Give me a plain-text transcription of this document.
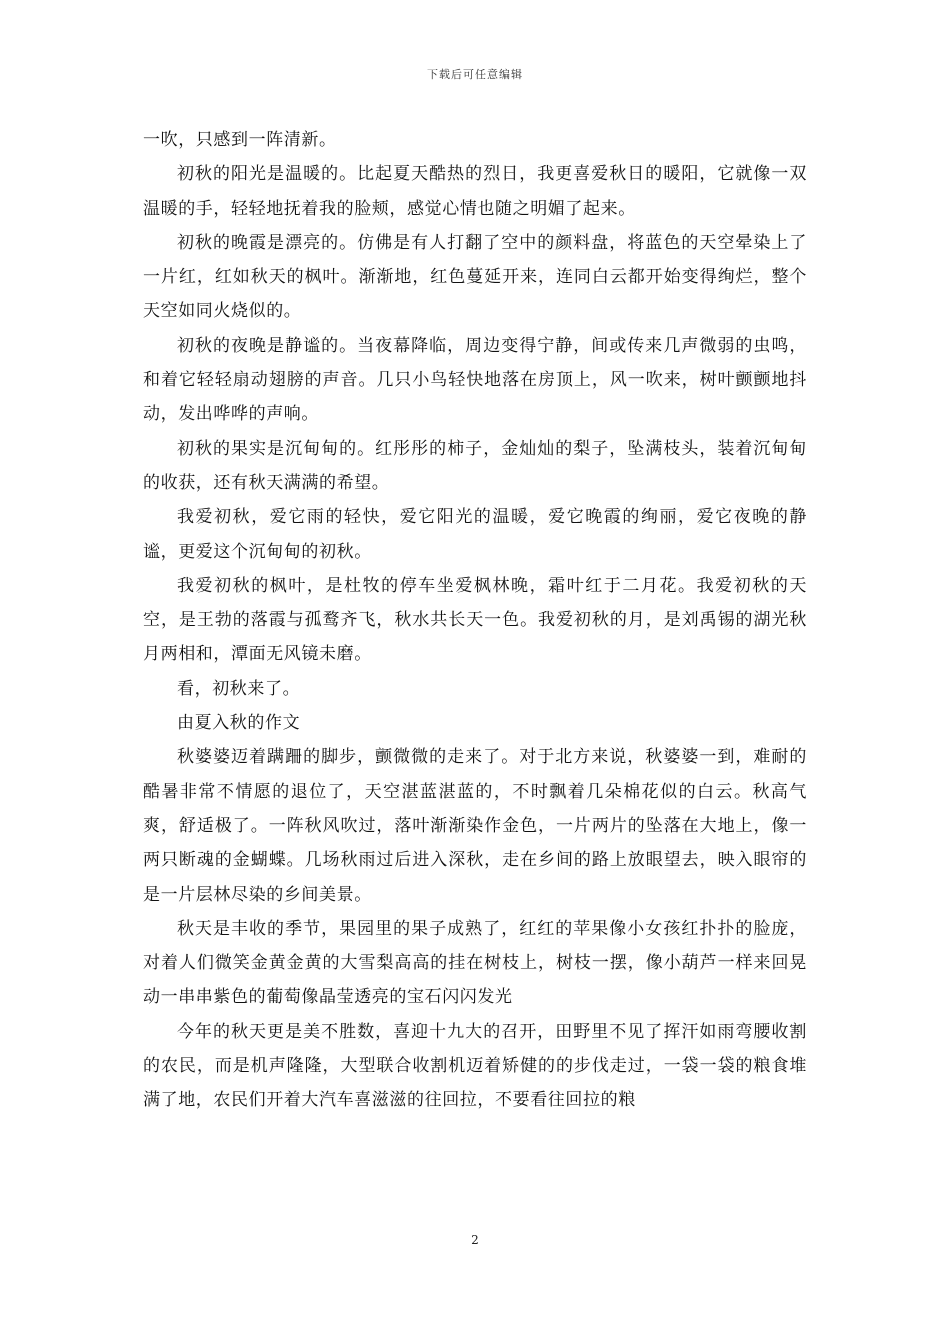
下载后可任意编辑

一吹，只感到一阵清新。

初秋的阳光是温暖的。比起夏天酷热的烈日，我更喜爱秋日的暖阳，它就像一双温暖的手，轻轻地抚着我的脸颊，感觉心情也随之明媚了起来。

初秋的晚霞是漂亮的。仿佛是有人打翻了空中的颜料盘，将蓝色的天空晕染上了一片红，红如秋天的枫叶。渐渐地，红色蔓延开来，连同白云都开始变得绚烂，整个天空如同火烧似的。

初秋的夜晚是静谧的。当夜幕降临，周边变得宁静，间或传来几声微弱的虫鸣，和着它轻轻扇动翅膀的声音。几只小鸟轻快地落在房顶上，风一吹来，树叶颤颤地抖动，发出哗哗的声响。

初秋的果实是沉甸甸的。红彤彤的柿子，金灿灿的梨子，坠满枝头，装着沉甸甸的收获，还有秋天满满的希望。

我爱初秋，爱它雨的轻快，爱它阳光的温暖，爱它晚霞的绚丽，爱它夜晚的静谧，更爱这个沉甸甸的初秋。

我爱初秋的枫叶，是杜牧的停车坐爱枫林晚，霜叶红于二月花。我爱初秋的天空，是王勃的落霞与孤鹜齐飞，秋水共长天一色。我爱初秋的月，是刘禹锡的湖光秋月两相和，潭面无风镜未磨。

看，初秋来了。

由夏入秋的作文

秋婆婆迈着蹒跚的脚步，颤微微的走来了。对于北方来说，秋婆婆一到，难耐的酷暑非常不情愿的退位了，天空湛蓝湛蓝的，不时飘着几朵棉花似的白云。秋高气爽，舒适极了。一阵秋风吹过，落叶渐渐染作金色，一片两片的坠落在大地上，像一两只断魂的金蝴蝶。几场秋雨过后进入深秋，走在乡间的路上放眼望去，映入眼帘的是一片层林尽染的乡间美景。

秋天是丰收的季节，果园里的果子成熟了，红红的苹果像小女孩红扑扑的脸庞，对着人们微笑金黄金黄的大雪梨高高的挂在树枝上，树枝一摆，像小葫芦一样来回晃动一串串紫色的葡萄像晶莹透亮的宝石闪闪发光

今年的秋天更是美不胜数，喜迎十九大的召开，田野里不见了挥汗如雨弯腰收割的农民，而是机声隆隆，大型联合收割机迈着矫健的的步伐走过，一袋一袋的粮食堆满了地，农民们开着大汽车喜滋滋的往回拉，不要看往回拉的粮

2
